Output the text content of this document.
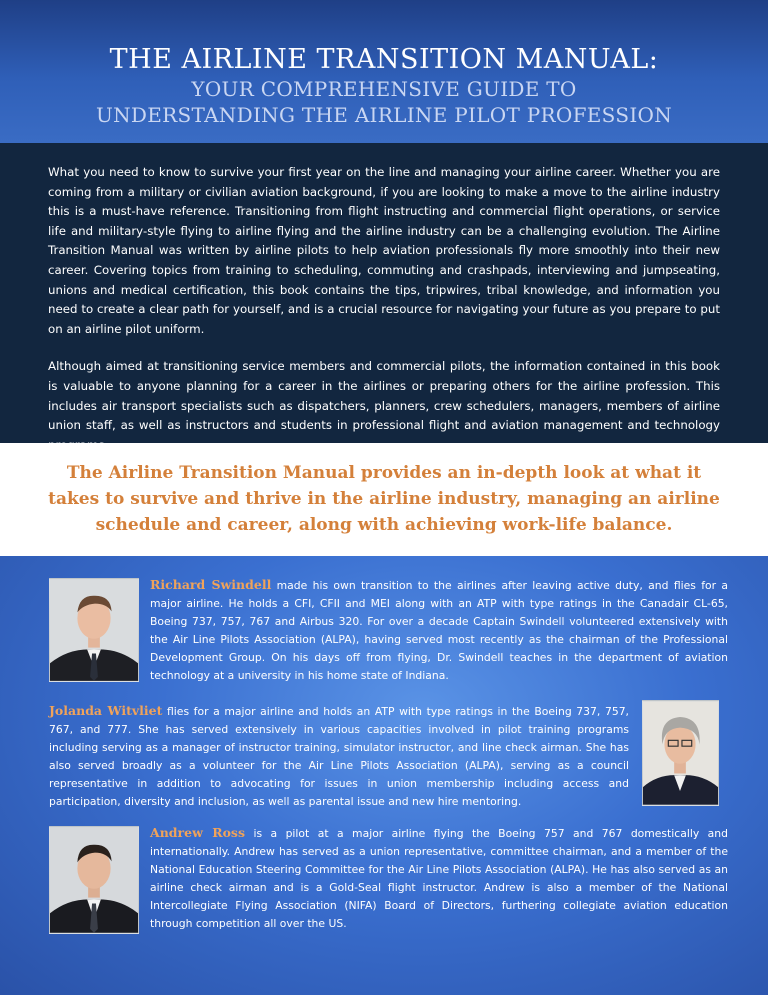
THE AIRLINE TRANSITION MANUAL:
YOUR COMPREHENSIVE GUIDE TO
UNDERSTANDING THE AIRLINE PILOT PROFESSION

What you need to know to survive your first year on the line and managing your airline career. Whether you are coming from a military or civilian aviation background, if you are looking to make a move to the airline industry this is a must-have reference. Transitioning from flight instructing and commercial flight operations, or service life and military-style flying to airline flying and the airline industry can be a challenging evolution. The Airline Transition Manual was written by airline pilots to help aviation professionals fly more smoothly into their new career. Covering topics from training to scheduling, commuting and crashpads, interviewing and jumpseating, unions and medical certification, this book contains the tips, tripwires, tribal knowledge, and information you need to create a clear path for yourself, and is a crucial resource for navigating your future as you prepare to put on an airline pilot uniform.

Although aimed at transitioning service members and commercial pilots, the information contained in this book is valuable to anyone planning for a career in the airlines or preparing others for the airline profession. This includes air transport specialists such as dispatchers, planners, crew schedulers, managers, members of airline union staff, as well as instructors and students in professional flight and aviation management and technology

The Airline Transition Manual provides an in-depth look at what it takes to survive and thrive in the airline industry, managing an airline schedule and career, along with achieving work-life balance.
Richard Swindell made his own transition to the airlines after leaving active duty, and flies for a major airline. He holds a CFI, CFII and MEI along with an ATP with type ratings in the Canadair CL-65, Boeing 737, 757, 767 and Airbus 320. For over a decade Captain Swindell volunteered extensively with the Air Line Pilots Association (ALPA), having served most recently as the chairman of the Professional Development Group. On his days off from flying, Dr. Swindell teaches in the department of aviation technology at a university in his home state of Indiana.
Jolanda Witvliet flies for a major airline and holds an ATP with type ratings in the Boeing 737, 757, 767, and 777. She has served extensively in various capacities involved in pilot training programs including serving as a manager of instructor training, simulator instructor, and line check airman. She has also served broadly as a volunteer for the Air Line Pilots Association (ALPA), serving as a council representative in addition to advocating for issues in union membership including access and participation, diversity and inclusion, as well as parental issue and new hire mentoring.
Andrew Ross is a pilot at a major airline flying the Boeing 757 and 767 domestically and internationally. Andrew has served as a union representative, committee chairman, and a member of the National Education Steering Committee for the Air Line Pilots Association (ALPA). He has also served as an airline check airman and is a Gold-Seal flight instructor. Andrew is also a member of the National Intercollegiate Flying Association (NIFA) Board of Directors, furthering collegiate aviation education through competition all over the US.
